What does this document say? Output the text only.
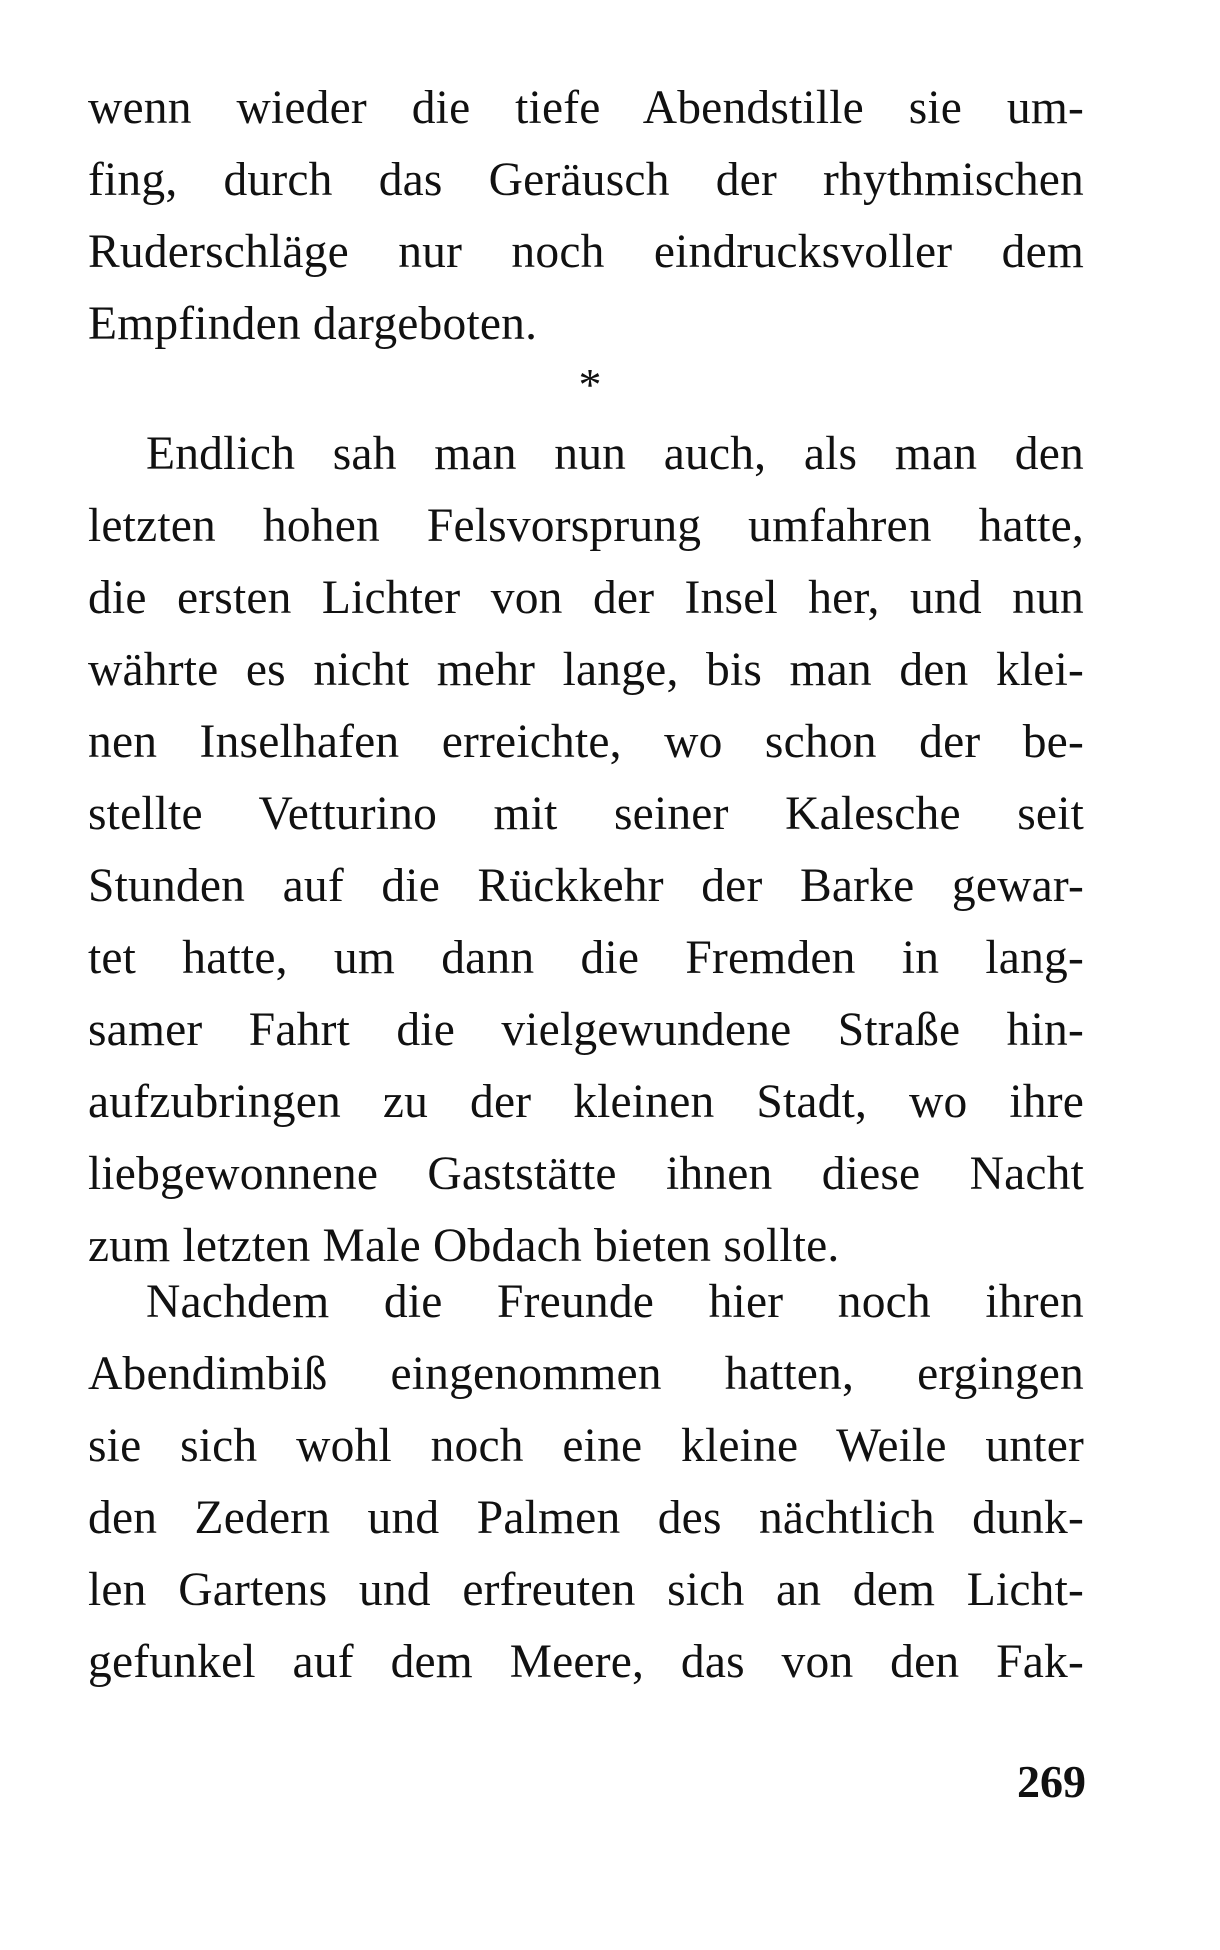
wenn wieder die tiefe Abendstille sie um-
fing, durch das Geräusch der rhythmischen
Ruderschläge nur noch eindrucksvoller dem
Empfinden dargeboten.
*
Endlich sah man nun auch, als man den
letzten hohen Felsvorsprung umfahren hatte,
die ersten Lichter von der Insel her, und nun
währte es nicht mehr lange, bis man den klei-
nen Inselhafen erreichte, wo schon der be-
stellte Vetturino mit seiner Kalesche seit
Stunden auf die Rückkehr der Barke gewar-
tet hatte, um dann die Fremden in lang-
samer Fahrt die vielgewundene Straße hin-
aufzubringen zu der kleinen Stadt, wo ihre
liebgewonnene Gaststätte ihnen diese Nacht
zum letzten Male Obdach bieten sollte.
Nachdem die Freunde hier noch ihren
Abendimbiß eingenommen hatten, ergingen
sie sich wohl noch eine kleine Weile unter
den Zedern und Palmen des nächtlich dunk-
len Gartens und erfreuten sich an dem Licht-
gefunkel auf dem Meere, das von den Fak-
269
